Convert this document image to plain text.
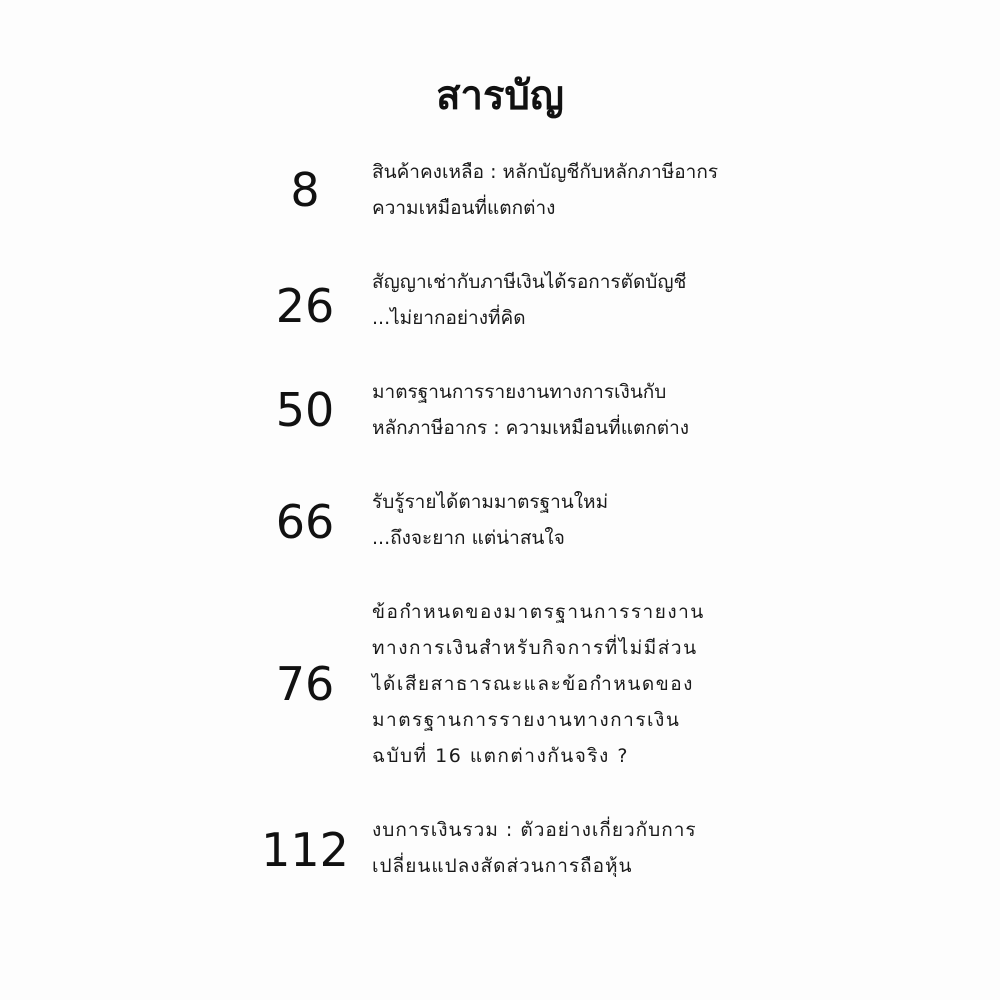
สารบัญ
8	สินค้าคงเหลือ : หลักบัญชีกับหลักภาษีอากร
ความเหมือนที่แตกต่าง
26	สัญญาเช่ากับภาษีเงินได้รอการตัดบัญชี
...ไม่ยากอย่างที่คิด
50	มาตรฐานการรายงานทางการเงินกับ
หลักภาษีอากร : ความเหมือนที่แตกต่าง
66	รับรู้รายได้ตามมาตรฐานใหม่
...ถึงจะยาก แต่น่าสนใจ
76
ข้อกำหนดของมาตรฐานการรายงาน
ทางการเงินสำหรับกิจการที่ไม่มีส่วน
ได้เสียสาธารณะและข้อกำหนดของ
มาตรฐานการรายงานทางการเงิน
ฉบับที่ 16 แตกต่างกันจริง ?
112	งบการเงินรวม : ตัวอย่างเกี่ยวกับการ
เปลี่ยนแปลงสัดส่วนการถือหุ้น
